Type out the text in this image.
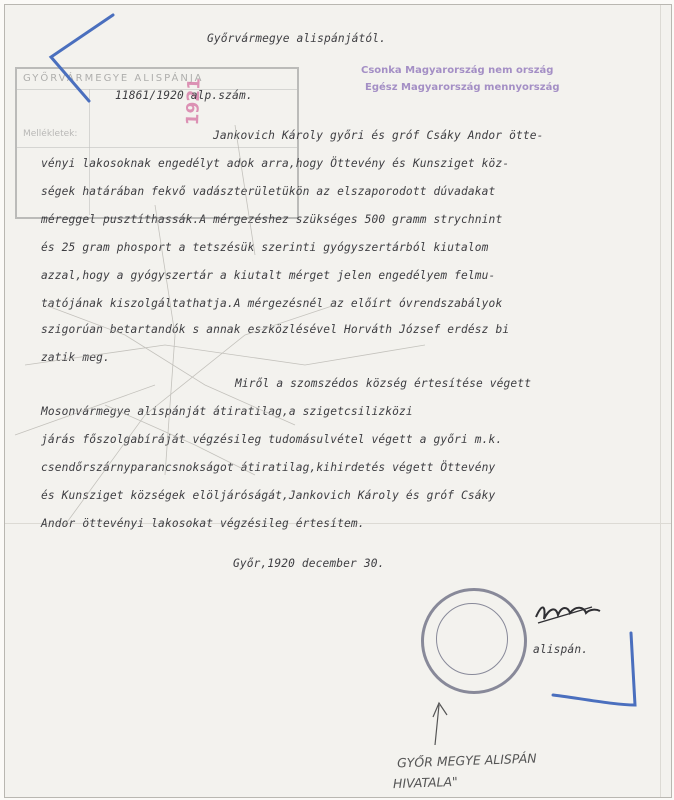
GYŐRVÁRMEGYE ALISPÁNJA
Mellékletek:
Csonka Magyarország nem ország
Egész Magyarország mennyország
1921
Győrvármegye alispánjától.
11861/1920 alp.szám.
Jankovich Károly győri és gróf Csáky Andor ötte-
vényi lakosoknak engedélyt adok arra,hogy Öttevény és Kunsziget köz-
ségek határában fekvő vadászterületükön az elszaporodott dúvadakat
méreggel pusztíthassák.A mérgezéshez szükséges 500 gramm strychnint
és 25 gram phosport a tetszésük szerinti gyógyszertárból kiutalom
azzal,hogy a gyógyszertár a kiutalt mérget jelen engedélyem felmu-
tatójának kiszolgáltathatja.A mérgezésnél az előírt óvrendszabályok
szigorúan betartandók s annak eszközlésével Horváth József erdész bi
zatik meg.
Miről a szomszédos község értesítése végett
Mosonvármegye alispánját átiratilag,a szigetcsilizközi
járás főszolgabíráját végzésileg tudomásulvétel végett a győri m.k.
csendőrszárnyparancsnokságot átiratilag,kihirdetés végett Öttevény
és Kunsziget községek elöljáróságát,Jankovich Károly és gróf Csáky
Andor öttevényi lakosokat végzésileg értesítem.
Győr,1920 december 30.
alispán.
GYŐR MEGYE ALISPÁN
HIVATALA"
